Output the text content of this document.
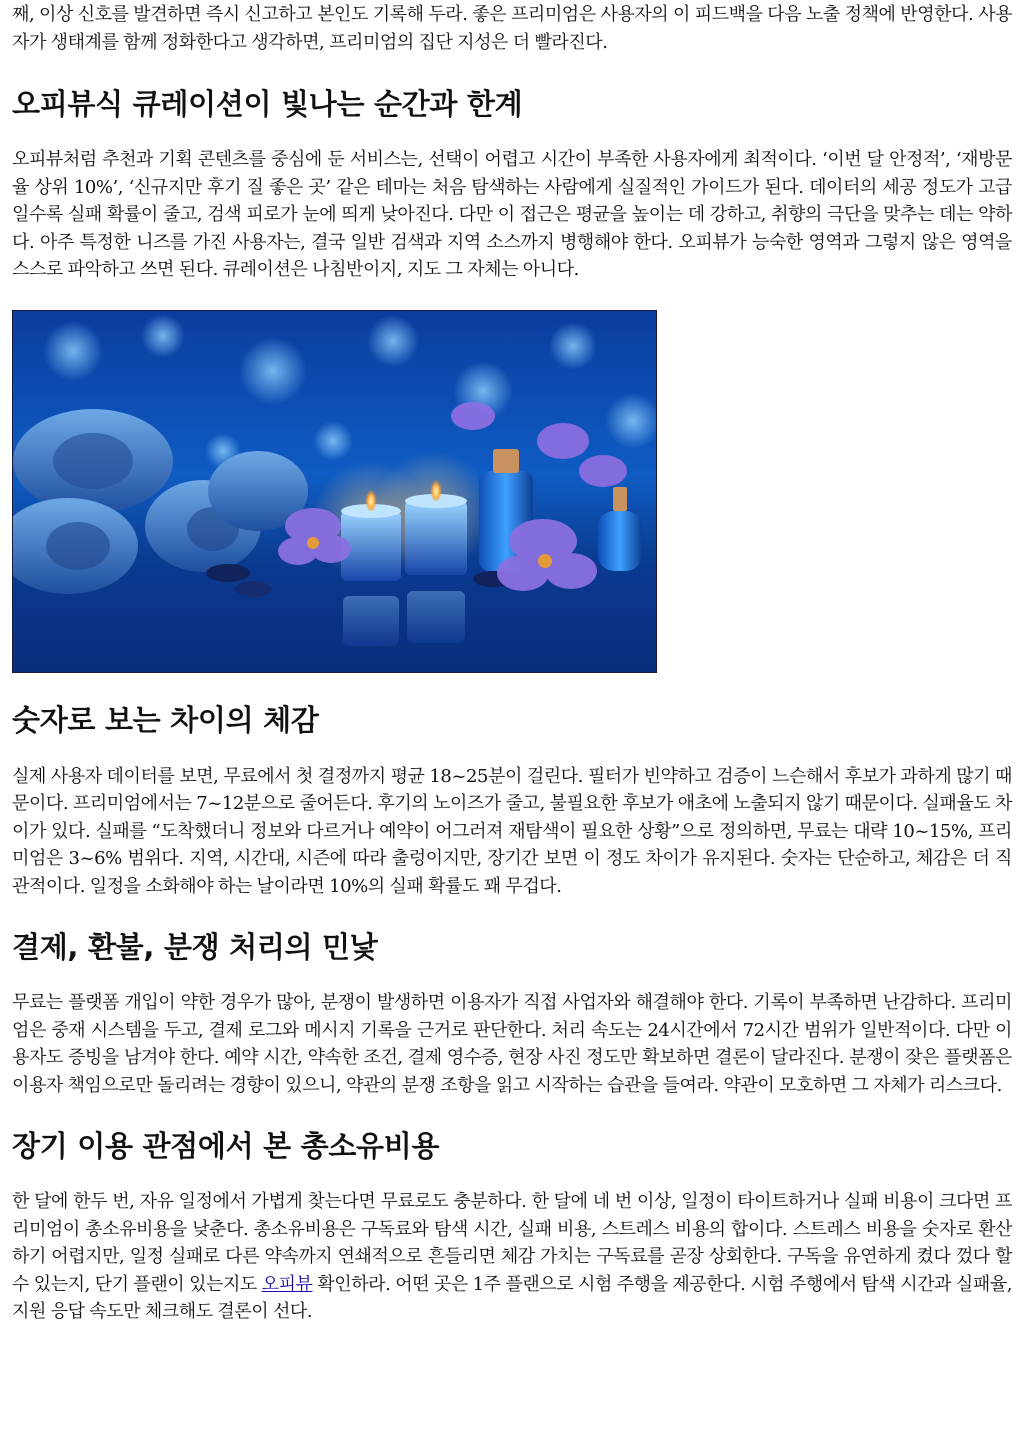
째, 이상 신호를 발견하면 즉시 신고하고 본인도 기록해 두라. 좋은 프리미엄은 사용자의 이 피드백을 다음 노출 정책에 반영한다. 사용자가 생태계를 함께 정화한다고 생각하면, 프리미엄의 집단 지성은 더 빨라진다.

오피뷰식 큐레이션이 빛나는 순간과 한계

오피뷰처럼 추천과 기획 콘텐츠를 중심에 둔 서비스는, 선택이 어렵고 시간이 부족한 사용자에게 최적이다. ‘이번 달 안정적’, ‘재방문율 상위 10%’, ‘신규지만 후기 질 좋은 곳’ 같은 테마는 처음 탐색하는 사람에게 실질적인 가이드가 된다. 데이터의 세공 정도가 고급일수록 실패 확률이 줄고, 검색 피로가 눈에 띄게 낮아진다. 다만 이 접근은 평균을 높이는 데 강하고, 취향의 극단을 맞추는 데는 약하다. 아주 특정한 니즈를 가진 사용자는, 결국 일반 검색과 지역 소스까지 병행해야 한다. 오피뷰가 능숙한 영역과 그렇지 않은 영역을 스스로 파악하고 쓰면 된다. 큐레이션은 나침반이지, 지도 그 자체는 아니다.

숫자로 보는 차이의 체감

실제 사용자 데이터를 보면, 무료에서 첫 결정까지 평균 18~25분이 걸린다. 필터가 빈약하고 검증이 느슨해서 후보가 과하게 많기 때문이다. 프리미엄에서는 7~12분으로 줄어든다. 후기의 노이즈가 줄고, 불필요한 후보가 애초에 노출되지 않기 때문이다. 실패율도 차이가 있다. 실패를 “도착했더니 정보와 다르거나 예약이 어그러져 재탐색이 필요한 상황”으로 정의하면, 무료는 대략 10~15%, 프리미엄은 3~6% 범위다. 지역, 시간대, 시즌에 따라 출렁이지만, 장기간 보면 이 정도 차이가 유지된다. 숫자는 단순하고, 체감은 더 직관적이다. 일정을 소화해야 하는 날이라면 10%의 실패 확률도 꽤 무겁다.

결제, 환불, 분쟁 처리의 민낯

무료는 플랫폼 개입이 약한 경우가 많아, 분쟁이 발생하면 이용자가 직접 사업자와 해결해야 한다. 기록이 부족하면 난감하다. 프리미엄은 중재 시스템을 두고, 결제 로그와 메시지 기록을 근거로 판단한다. 처리 속도는 24시간에서 72시간 범위가 일반적이다. 다만 이용자도 증빙을 남겨야 한다. 예약 시간, 약속한 조건, 결제 영수증, 현장 사진 정도만 확보하면 결론이 달라진다. 분쟁이 잦은 플랫폼은 이용자 책임으로만 돌리려는 경향이 있으니, 약관의 분쟁 조항을 읽고 시작하는 습관을 들여라. 약관이 모호하면 그 자체가 리스크다.

장기 이용 관점에서 본 총소유비용

한 달에 한두 번, 자유 일정에서 가볍게 찾는다면 무료로도 충분하다. 한 달에 네 번 이상, 일정이 타이트하거나 실패 비용이 크다면 프리미엄이 총소유비용을 낮춘다. 총소유비용은 구독료와 탐색 시간, 실패 비용, 스트레스 비용의 합이다. 스트레스 비용을 숫자로 환산하기 어렵지만, 일정 실패로 다른 약속까지 연쇄적으로 흔들리면 체감 가치는 구독료를 곧장 상회한다. 구독을 유연하게 켰다 껐다 할 수 있는지, 단기 플랜이 있는지도 오피뷰 확인하라. 어떤 곳은 1주 플랜으로 시험 주행을 제공한다. 시험 주행에서 탐색 시간과 실패율, 지원 응답 속도만 체크해도 결론이 선다.
